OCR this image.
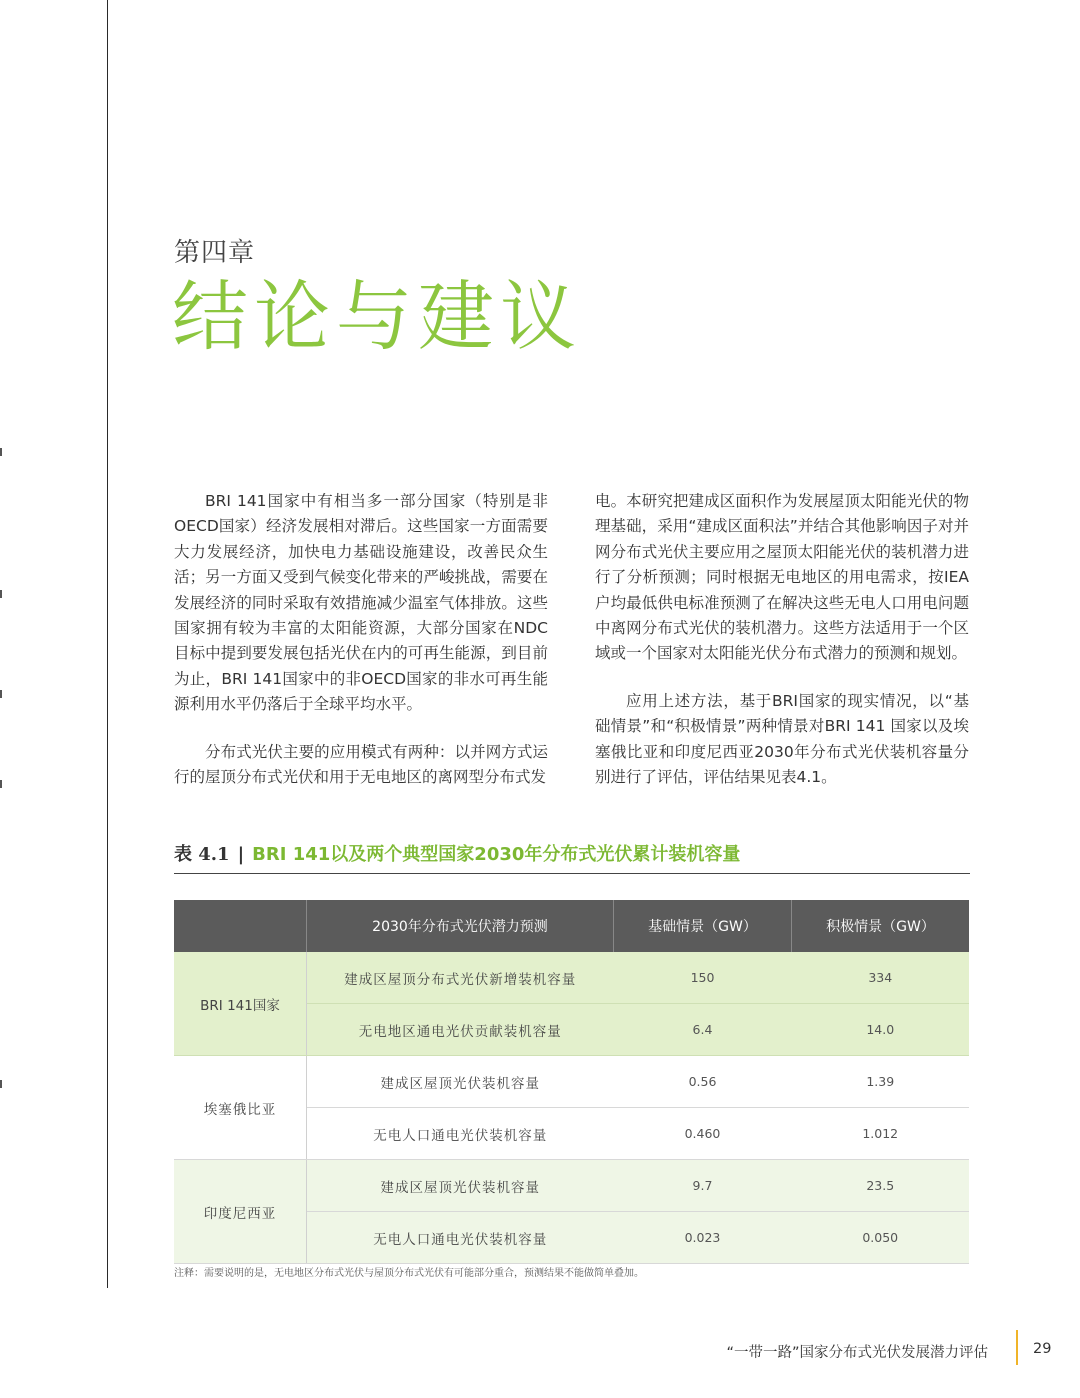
第四章
结论与建议

BRI 141国家中有相当多一部分国家（特别是非OECD国家）经济发展相对滞后。这些国家一方面需要大力发展经济，加快电力基础设施建设，改善民众生活；另一方面又受到气候变化带来的严峻挑战，需要在发展经济的同时采取有效措施减少温室气体排放。这些国家拥有较为丰富的太阳能资源，大部分国家在NDC目标中提到要发展包括光伏在内的可再生能源，到目前为止，BRI 141国家中的非OECD国家的非水可再生能源利用水平仍落后于全球平均水平。

分布式光伏主要的应用模式有两种：以并网方式运行的屋顶分布式光伏和用于无电地区的离网型分布式发

电。本研究把建成区面积作为发展屋顶太阳能光伏的物理基础，采用“建成区面积法”并结合其他影响因子对并网分布式光伏主要应用之屋顶太阳能光伏的装机潜力进行了分析预测；同时根据无电地区的用电需求，按IEA户均最低供电标准预测了在解决这些无电人口用电问题中离网分布式光伏的装机潜力。这些方法适用于一个区域或一个国家对太阳能光伏分布式潜力的预测和规划。

应用上述方法，基于BRI国家的现实情况，以“基础情景”和“积极情景”两种情景对BRI 141 国家以及埃塞俄比亚和印度尼西亚2030年分布式光伏装机容量分别进行了评估，评估结果见表4.1。

表 4.1 | BRI 141以及两个典型国家2030年分布式光伏累计装机容量
	2030年分布式光伏潜力预测	基础情景（GW）	积极情景（GW）
BRI 141国家	建成区屋顶分布式光伏新增装机容量	150	334
	无电地区通电光伏贡献装机容量	6.4	14.0
埃塞俄比亚	建成区屋顶光伏装机容量	0.56	1.39
	无电人口通电光伏装机容量	0.460	1.012
印度尼西亚	建成区屋顶光伏装机容量	9.7	23.5
	无电人口通电光伏装机容量	0.023	0.050
注释：需要说明的是，无电地区分布式光伏与屋顶分布式光伏有可能部分重合，预测结果不能做简单叠加。
“一带一路”国家分布式光伏发展潜力评估	29
